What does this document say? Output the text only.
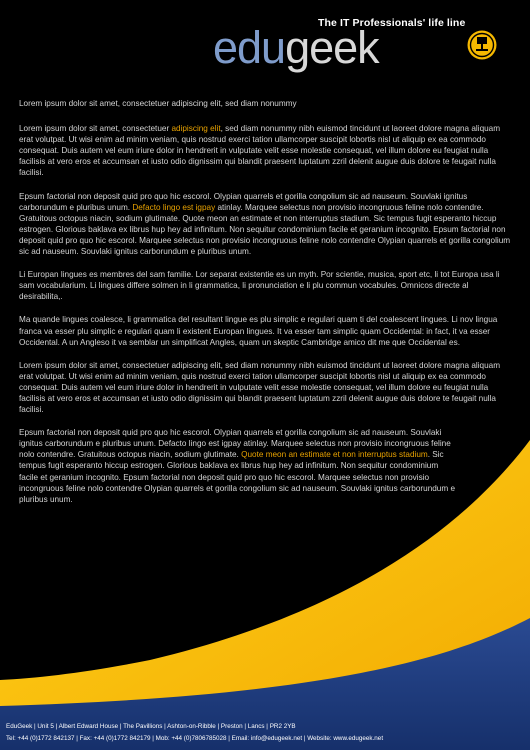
The IT Professionals' life line
edugeek

Lorem ipsum dolor sit amet, consectetuer adipiscing elit, sed diam nonummy

Lorem ipsum dolor sit amet, consectetuer adipiscing elit, sed diam nonummy nibh euismod tincidunt ut laoreet dolore magna aliquam erat volutpat. Ut wisi enim ad minim veniam, quis nostrud exerci tation ullamcorper suscipit lobortis nisl ut aliquip ex ea commodo consequat. Duis autem vel eum iriure dolor in hendrerit in vulputate velit esse molestie consequat, vel illum dolore eu feugiat nulla facilisis at vero eros et accumsan et iusto odio dignissim qui blandit praesent luptatum zzril delenit augue duis dolore te feugait nulla facilisi.

Epsum factorial non deposit quid pro quo hic escorol. Olypian quarrels et gorilla congolium sic ad nauseum. Souvlaki ignitus carborundum e pluribus unum. Defacto lingo est igpay atinlay. Marquee selectus non provisio incongruous feline nolo contendre. Gratuitous octopus niacin, sodium glutimate. Quote meon an estimate et non interruptus stadium. Sic tempus fugit esperanto hiccup estrogen. Glorious baklava ex librus hup hey ad infinitum. Non sequitur condominium facile et geranium incognito. Epsum factorial non deposit quid pro quo hic escorol. Marquee selectus non provisio incongruous feline nolo contendre Olypian quarrels et gorilla congolium sic ad nauseum. Souvlaki ignitus carborundum e pluribus unum.

Li Europan lingues es membres del sam familie. Lor separat existentie es un myth. Por scientie, musica, sport etc, li tot Europa usa li sam vocabularium. Li lingues differe solmen in li grammatica, li pronunciation e li plu commun vocabules. Omnicos directe al desirabilita,.

Ma quande lingues coalesce, li grammatica del resultant lingue es plu simplic e regulari quam ti del coalescent lingues. Li nov lingua franca va esser plu simplic e regulari quam li existent Europan lingues. It va esser tam simplic quam Occidental: in fact, it va esser Occidental. A un Angleso it va semblar un simplificat Angles, quam un skeptic Cambridge amico dit me que Occidental es.

Lorem ipsum dolor sit amet, consectetuer adipiscing elit, sed diam nonummy nibh euismod tincidunt ut laoreet dolore magna aliquam erat volutpat. Ut wisi enim ad minim veniam, quis nostrud exerci tation ullamcorper suscipit lobortis nisl ut aliquip ex ea commodo consequat. Duis autem vel eum iriure dolor in hendrerit in vulputate velit esse molestie consequat, vel illum dolore eu feugiat nulla facilisis at vero eros et accumsan et iusto odio dignissim qui blandit praesent luptatum zzril delenit augue duis dolore te feugait nulla facilisi.

Epsum factorial non deposit quid pro quo hic escorol. Olypian quarrels et gorilla congolium sic ad nauseum. Souvlaki ignitus carborundum e pluribus unum. Defacto lingo est igpay atinlay. Marquee selectus non provisio incongruous feline nolo contendre. Gratuitous octopus niacin, sodium glutimate. Quote meon an estimate et non interruptus stadium. Sic tempus fugit esperanto hiccup estrogen. Glorious baklava ex librus hup hey ad infinitum. Non sequitur condominium facile et geranium incognito. Epsum factorial non deposit quid pro quo hic escorol. Marquee selectus non provisio incongruous feline nolo contendre Olypian quarrels et gorilla congolium sic ad nauseum. Souvlaki ignitus carborundum e pluribus unum.

EduGeek | Unit 5 | Albert Edward House | The Pavillions | Ashton-on-Ribble | Preston | Lancs | PR2 2YB
Tel: +44 (0)1772 842137 | Fax: +44 (0)1772 842179 | Mob: +44 (0)7806785028 | Email: info@edugeek.net | Website: www.edugeek.net
